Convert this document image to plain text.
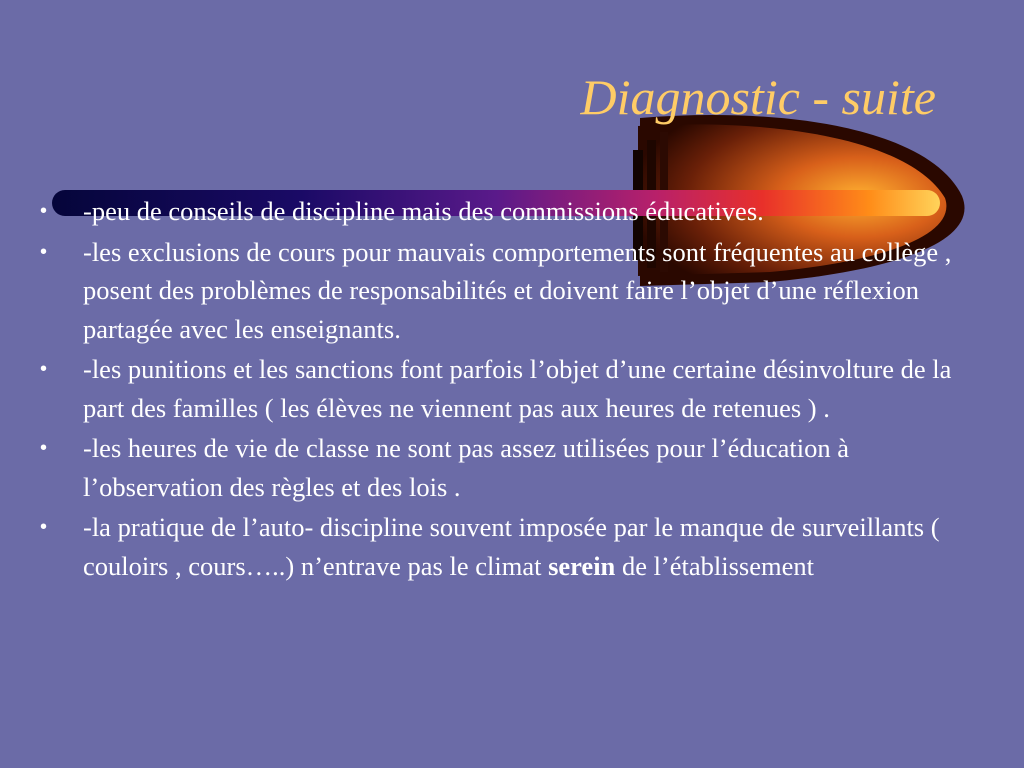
Diagnostic - suite
• -peu de conseils de discipline mais des commissions éducatives.
• -les exclusions de cours pour mauvais comportements sont fréquentes au collège , posent des problèmes de responsabilités et doivent faire l’objet d’une réflexion partagée avec les enseignants.
• -les punitions et les sanctions font parfois l’objet d’une certaine désinvolture de la part des familles ( les élèves ne viennent pas aux heures de retenues ) .
• -les heures de vie de classe ne sont pas assez utilisées pour l’éducation à l’observation des règles et des lois .
• -la pratique de l’auto- discipline souvent imposée par le manque de surveillants ( couloirs , cours…..) n’entrave pas le climat serein de l’établissement
